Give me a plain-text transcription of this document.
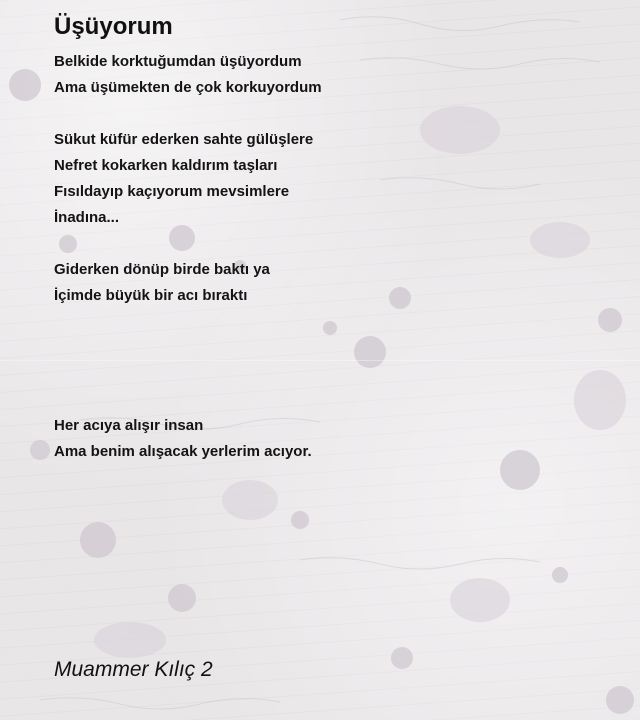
Üşüyorum
Belkide korktuğumdan üşüyordum
Ama üşümekten de çok korkuyordum
Sükut küfür ederken sahte gülüşlere
Nefret kokarken kaldırım taşları
Fısıldayıp kaçıyorum mevsimlere
İnadına...
Giderken dönüp birde baktı ya
İçimde büyük bir acı bıraktı
Her acıya alışır insan
Ama benim alışacak yerlerim acıyor.
Muammer Kılıç 2
